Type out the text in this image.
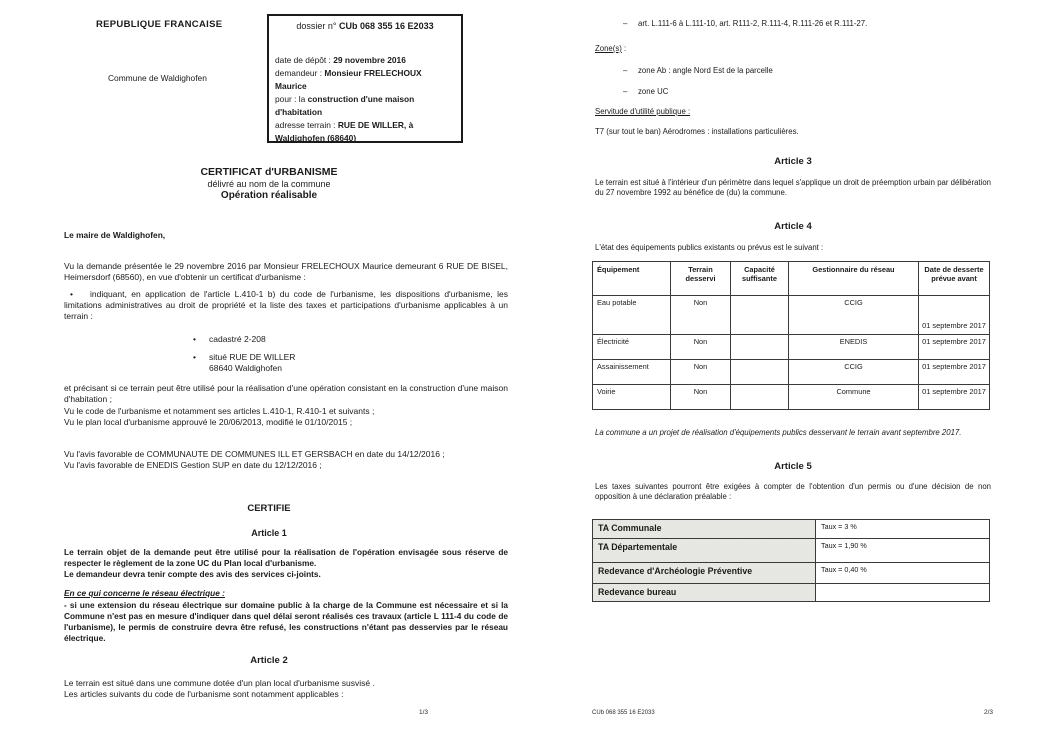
REPUBLIQUE FRANCAISE
Commune de Waldighofen
dossier n° CUb 068 355 16 E2033
date de dépôt : 29 novembre 2016
demandeur : Monsieur FRELECHOUX Maurice
pour : la construction d'une maison d'habitation
adresse terrain : RUE DE WILLER, à Waldighofen (68640)
CERTIFICAT d'URBANISME
délivré au nom de la commune
Opération réalisable
Le maire de Waldighofen,
Vu la demande présentée le 29 novembre 2016 par Monsieur FRELECHOUX Maurice demeurant 6 RUE DE BISEL, Heimersdorf (68560), en vue d'obtenir un certificat d'urbanisme :
• indiquant, en application de l'article L.410-1 b) du code de l'urbanisme, les dispositions d'urbanisme, les limitations administratives au droit de propriété et la liste des taxes et participations d'urbanisme applicables à un terrain :
•	cadastré 2-208
•	situé RUE DE WILLER
68640 Waldighofen
et précisant si ce terrain peut être utilisé pour la réalisation d'une opération consistant en la construction d'une maison d'habitation ;
Vu le code de l'urbanisme et notamment ses articles L.410-1, R.410-1 et suivants ;
Vu le plan local d'urbanisme approuvé le 20/06/2013, modifié le 01/10/2015 ;
Vu l'avis favorable de COMMUNAUTE DE COMMUNES ILL ET GERSBACH en date du 14/12/2016 ;
Vu l'avis favorable de ENEDIS Gestion SUP en date du 12/12/2016 ;
CERTIFIE
Article 1
Le terrain objet de la demande peut être utilisé pour la réalisation de l'opération envisagée sous réserve de respecter le règlement de la zone UC du Plan local d'urbanisme.
Le demandeur devra tenir compte des avis des services ci-joints.
En ce qui concerne le réseau électrique :
- si une extension du réseau électrique sur domaine public à la charge de la Commune est nécessaire et si la Commune n'est pas en mesure d'indiquer dans quel délai seront réalisés ces travaux (article L 111-4 du code de l'urbanisme), le permis de construire devra être refusé, les constructions n'étant pas desservies par le réseau électrique.
Article 2
Le terrain est situé dans une commune dotée d'un plan local d'urbanisme susvisé .
Les articles suivants du code de l'urbanisme sont notamment applicables :
1/3
–	art. L.111-6 à L.111-10, art. R111-2, R.111-4, R.111-26 et R.111-27.
Zone(s) :
–	zone Ab : angle Nord Est de la parcelle
–	zone UC
Servitude d'utilité publique :
T7 (sur tout le ban) Aérodromes : installations particulières.
Article 3
Le terrain est situé à l'intérieur d'un périmètre dans lequel s'applique un droit de préemption urbain par délibération du 27 novembre 1992 au bénéfice de (du) la commune.
Article 4
L'état des équipements publics existants ou prévus est le suivant :
Équipement	Terrain desservi	Capacité suffisante	Gestionnaire du réseau	Date de desserte prévue avant
Eau potable	Non		CCIG	01 septembre 2017
Électricité	Non		ENEDIS	01 septembre 2017
Assainissement	Non		CCIG	01 septembre 2017
Voirie	Non		Commune	01 septembre 2017
La commune a un projet de réalisation d'équipements publics desservant le terrain avant septembre 2017.
Article 5
Les taxes suivantes pourront être exigées à compter de l'obtention d'un permis ou d'une décision de non opposition à une déclaration préalable :
TA Communale	Taux = 3 %
TA Départementale	Taux = 1,90 %
Redevance d'Archéologie Préventive	Taux = 0,40 %
Redevance bureau	
CUb 068 355 16 E2033	2/3
